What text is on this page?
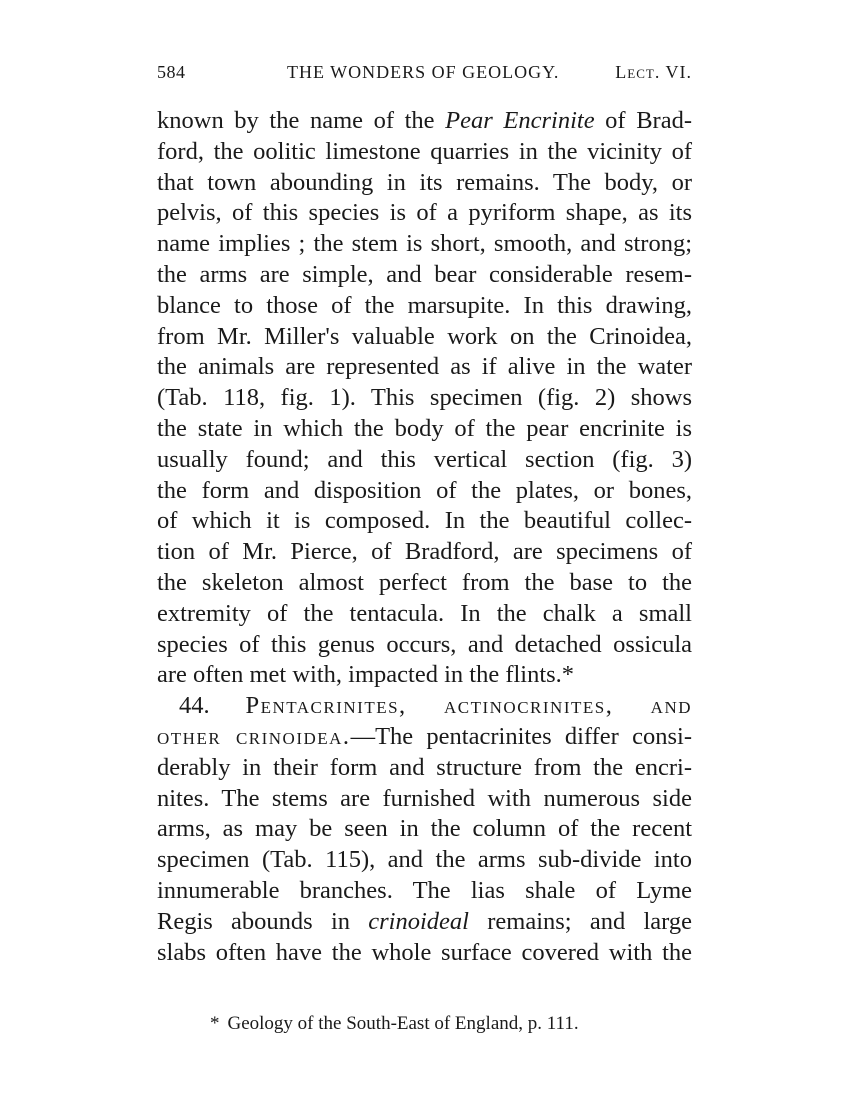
584	THE WONDERS OF GEOLOGY.	Lect. VI.
known by the name of the Pear Encrinite of Brad-
ford, the oolitic limestone quarries in the vicinity of
that town abounding in its remains. The body, or
pelvis, of this species is of a pyriform shape, as its
name implies ; the stem is short, smooth, and strong;
the arms are simple, and bear considerable resem-
blance to those of the marsupite. In this drawing,
from Mr. Miller's valuable work on the Crinoidea,
the animals are represented as if alive in the water
(Tab. 118, fig. 1). This specimen (fig. 2) shows
the state in which the body of the pear encrinite is
usually found; and this vertical section (fig. 3)
the form and disposition of the plates, or bones,
of which it is composed. In the beautiful collec-
tion of Mr. Pierce, of Bradford, are specimens of
the skeleton almost perfect from the base to the
extremity of the tentacula. In the chalk a small
species of this genus occurs, and detached ossicula
are often met with, impacted in the flints.*
44. Pentacrinites, actinocrinites, and
other crinoidea.—The pentacrinites differ consi-
derably in their form and structure from the encri-
nites. The stems are furnished with numerous side
arms, as may be seen in the column of the recent
specimen (Tab. 115), and the arms sub-divide into
innumerable branches. The lias shale of Lyme
Regis abounds in crinoideal remains; and large
slabs often have the whole surface covered with the
* Geology of the South-East of England, p. 111.
